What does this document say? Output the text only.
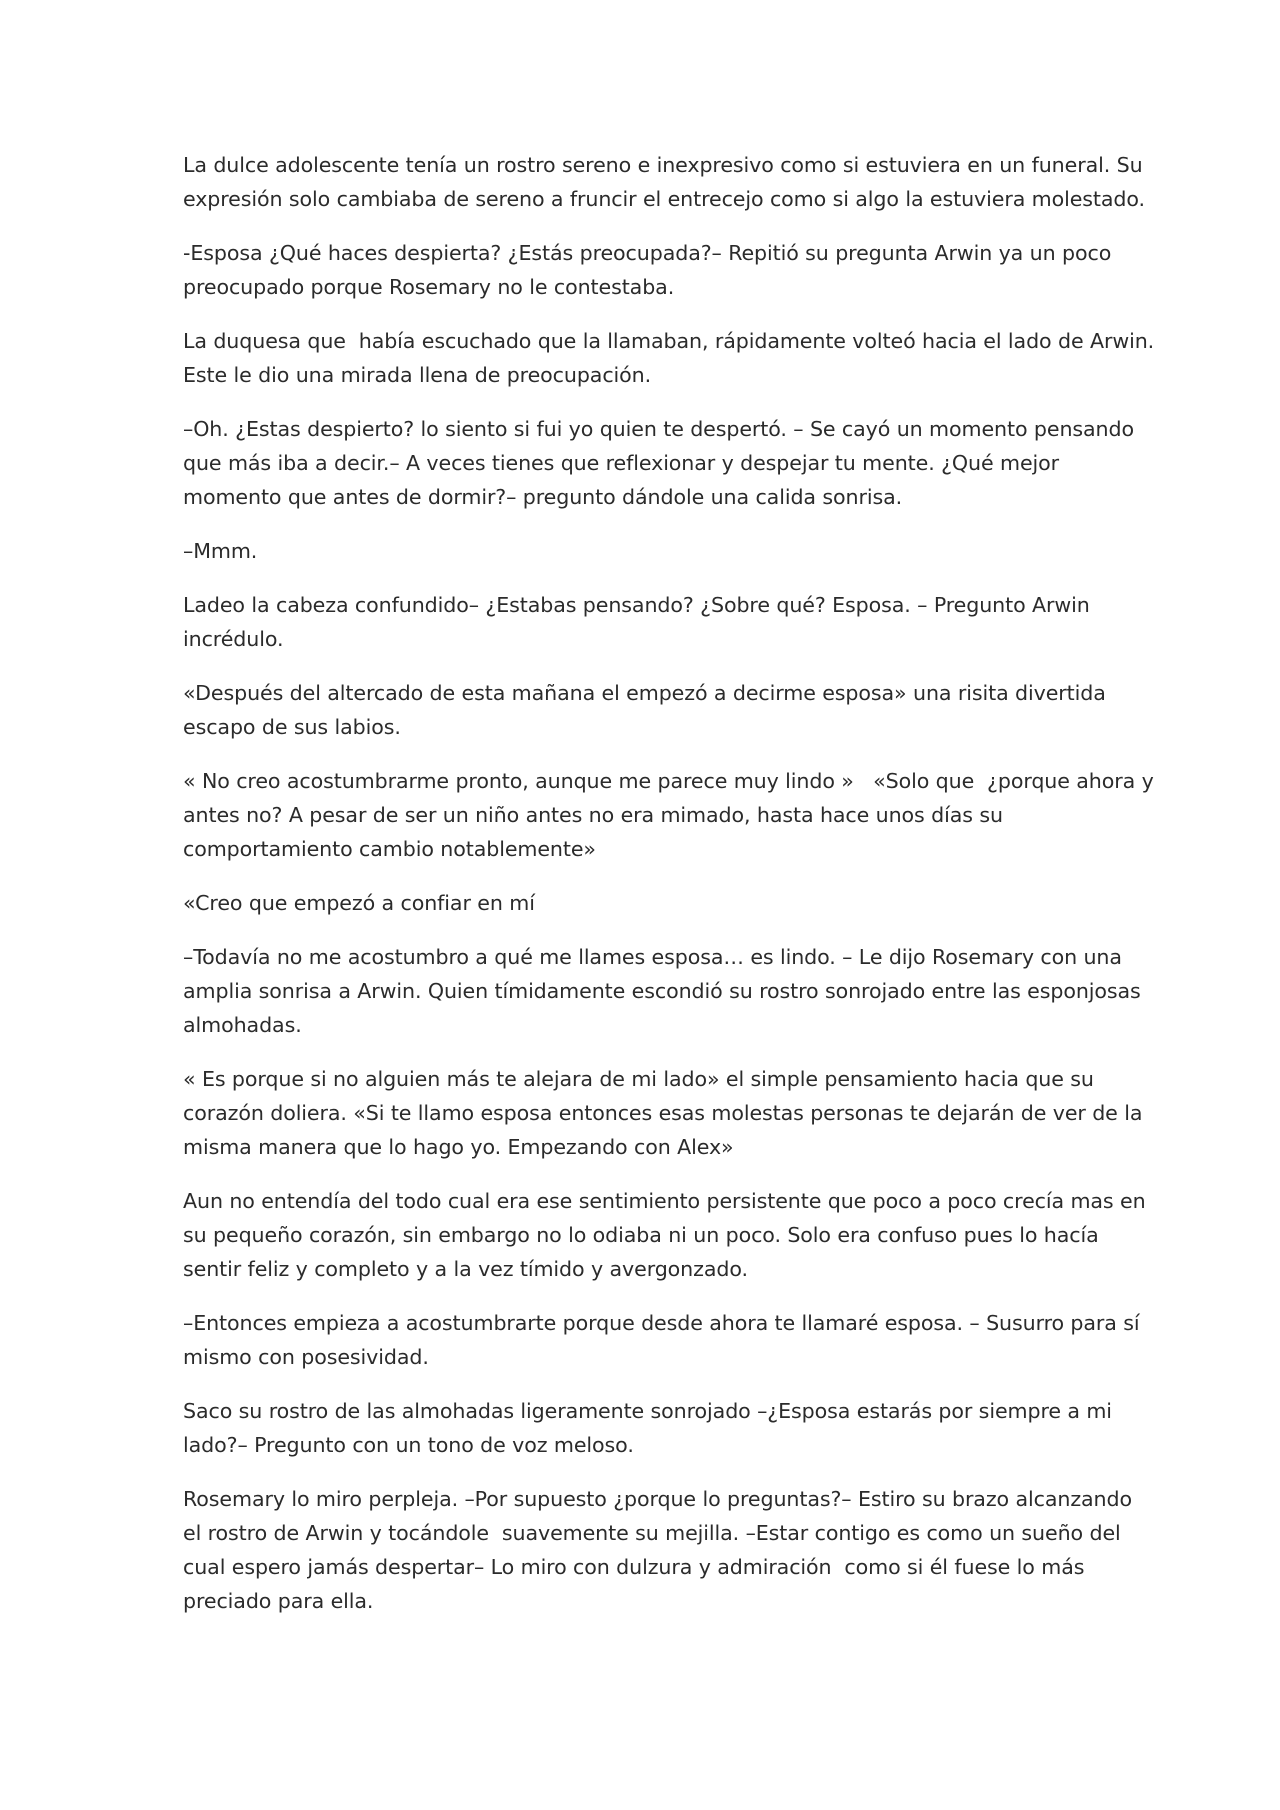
La dulce adolescente tenía un rostro sereno e inexpresivo como si estuviera en un funeral. Su
expresión solo cambiaba de sereno a fruncir el entrecejo como si algo la estuviera molestado.

-Esposa ¿Qué haces despierta? ¿Estás preocupada?– Repitió su pregunta Arwin ya un poco
preocupado porque Rosemary no le contestaba.

La duquesa que  había escuchado que la llamaban, rápidamente volteó hacia el lado de Arwin.
Este le dio una mirada llena de preocupación.

–Oh. ¿Estas despierto? lo siento si fui yo quien te despertó. – Se cayó un momento pensando
que más iba a decir.– A veces tienes que reflexionar y despejar tu mente. ¿Qué mejor
momento que antes de dormir?– pregunto dándole una calida sonrisa.

–Mmm.

Ladeo la cabeza confundido– ¿Estabas pensando? ¿Sobre qué? Esposa. – Pregunto Arwin
incrédulo.

«Después del altercado de esta mañana el empezó a decirme esposa» una risita divertida
escapo de sus labios.

« No creo acostumbrarme pronto, aunque me parece muy lindo »   «Solo que  ¿porque ahora y
antes no? A pesar de ser un niño antes no era mimado, hasta hace unos días su
comportamiento cambio notablemente»

«Creo que empezó a confiar en mí

–Todavía no me acostumbro a qué me llames esposa… es lindo. – Le dijo Rosemary con una
amplia sonrisa a Arwin. Quien tímidamente escondió su rostro sonrojado entre las esponjosas
almohadas.

« Es porque si no alguien más te alejara de mi lado» el simple pensamiento hacia que su
corazón doliera. «Si te llamo esposa entonces esas molestas personas te dejarán de ver de la
misma manera que lo hago yo. Empezando con Alex»

Aun no entendía del todo cual era ese sentimiento persistente que poco a poco crecía mas en
su pequeño corazón, sin embargo no lo odiaba ni un poco. Solo era confuso pues lo hacía
sentir feliz y completo y a la vez tímido y avergonzado.

–Entonces empieza a acostumbrarte porque desde ahora te llamaré esposa. – Susurro para sí
mismo con posesividad.

Saco su rostro de las almohadas ligeramente sonrojado –¿Esposa estarás por siempre a mi
lado?– Pregunto con un tono de voz meloso.

Rosemary lo miro perpleja. –Por supuesto ¿porque lo preguntas?– Estiro su brazo alcanzando
el rostro de Arwin y tocándole  suavemente su mejilla. –Estar contigo es como un sueño del
cual espero jamás despertar– Lo miro con dulzura y admiración  como si él fuese lo más
preciado para ella.
